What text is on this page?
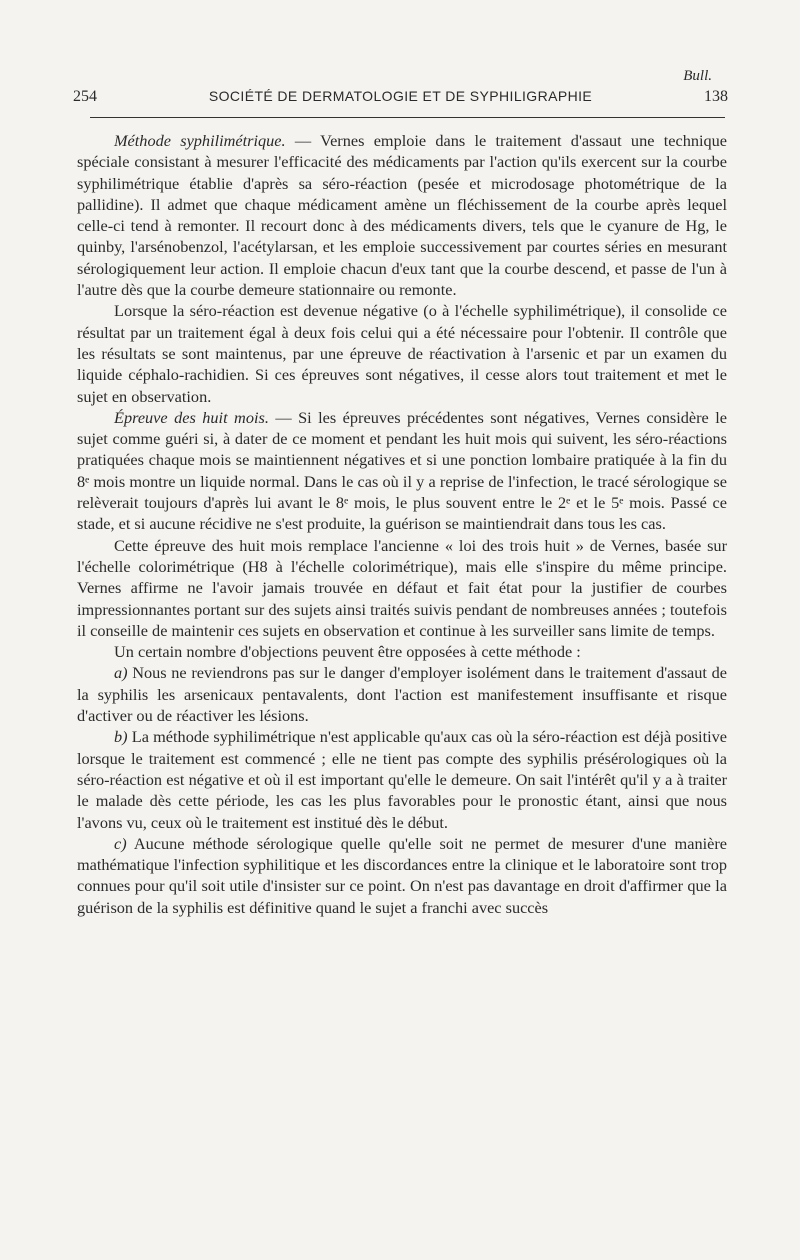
Bull.
254	SOCIÉTÉ DE DERMATOLOGIE ET DE SYPHILIGRAPHIE	138

Méthode syphilimétrique. — Vernes emploie dans le traitement d'assaut une technique spéciale consistant à mesurer l'efficacité des médicaments par l'action qu'ils exercent sur la courbe syphilimétrique établie d'après sa séro-réaction (pesée et microdosage photométrique de la pallidine). Il admet que chaque médicament amène un fléchissement de la courbe après lequel celle-ci tend à remonter. Il recourt donc à des médicaments divers, tels que le cyanure de Hg, le quinby, l'arsénobenzol, l'acétylarsan, et les emploie successivement par courtes séries en mesurant sérologiquement leur action. Il emploie chacun d'eux tant que la courbe descend, et passe de l'un à l'autre dès que la courbe demeure stationnaire ou remonte.

Lorsque la séro-réaction est devenue négative (o à l'échelle syphilimétrique), il consolide ce résultat par un traitement égal à deux fois celui qui a été nécessaire pour l'obtenir. Il contrôle que les résultats se sont maintenus, par une épreuve de réactivation à l'arsenic et par un examen du liquide céphalo-rachidien. Si ces épreuves sont négatives, il cesse alors tout traitement et met le sujet en observation.

Épreuve des huit mois. — Si les épreuves précédentes sont négatives, Vernes considère le sujet comme guéri si, à dater de ce moment et pendant les huit mois qui suivent, les séro-réactions pratiquées chaque mois se maintiennent négatives et si une ponction lombaire pratiquée à la fin du 8ᵉ mois montre un liquide normal. Dans le cas où il y a reprise de l'infection, le tracé sérologique se relèverait toujours d'après lui avant le 8ᵉ mois, le plus souvent entre le 2ᵉ et le 5ᵉ mois. Passé ce stade, et si aucune récidive ne s'est produite, la guérison se maintiendrait dans tous les cas.

Cette épreuve des huit mois remplace l'ancienne « loi des trois huit » de Vernes, basée sur l'échelle colorimétrique (H8 à l'échelle colorimétrique), mais elle s'inspire du même principe. Vernes affirme ne l'avoir jamais trouvée en défaut et fait état pour la justifier de courbes impressionnantes portant sur des sujets ainsi traités suivis pendant de nombreuses années ; toutefois il conseille de maintenir ces sujets en observation et continue à les surveiller sans limite de temps.

Un certain nombre d'objections peuvent être opposées à cette méthode :

a) Nous ne reviendrons pas sur le danger d'employer isolément dans le traitement d'assaut de la syphilis les arsenicaux pentavalents, dont l'action est manifestement insuffisante et risque d'activer ou de réactiver les lésions.

b) La méthode syphilimétrique n'est applicable qu'aux cas où la séro-réaction est déjà positive lorsque le traitement est commencé ; elle ne tient pas compte des syphilis présérologiques où la séro-réaction est négative et où il est important qu'elle le demeure. On sait l'intérêt qu'il y a à traiter le malade dès cette période, les cas les plus favorables pour le pronostic étant, ainsi que nous l'avons vu, ceux où le traitement est institué dès le début.

c) Aucune méthode sérologique quelle qu'elle soit ne permet de mesurer d'une manière mathématique l'infection syphilitique et les discordances entre la clinique et le laboratoire sont trop connues pour qu'il soit utile d'insister sur ce point. On n'est pas davantage en droit d'affirmer que la guérison de la syphilis est définitive quand le sujet a franchi avec succès
